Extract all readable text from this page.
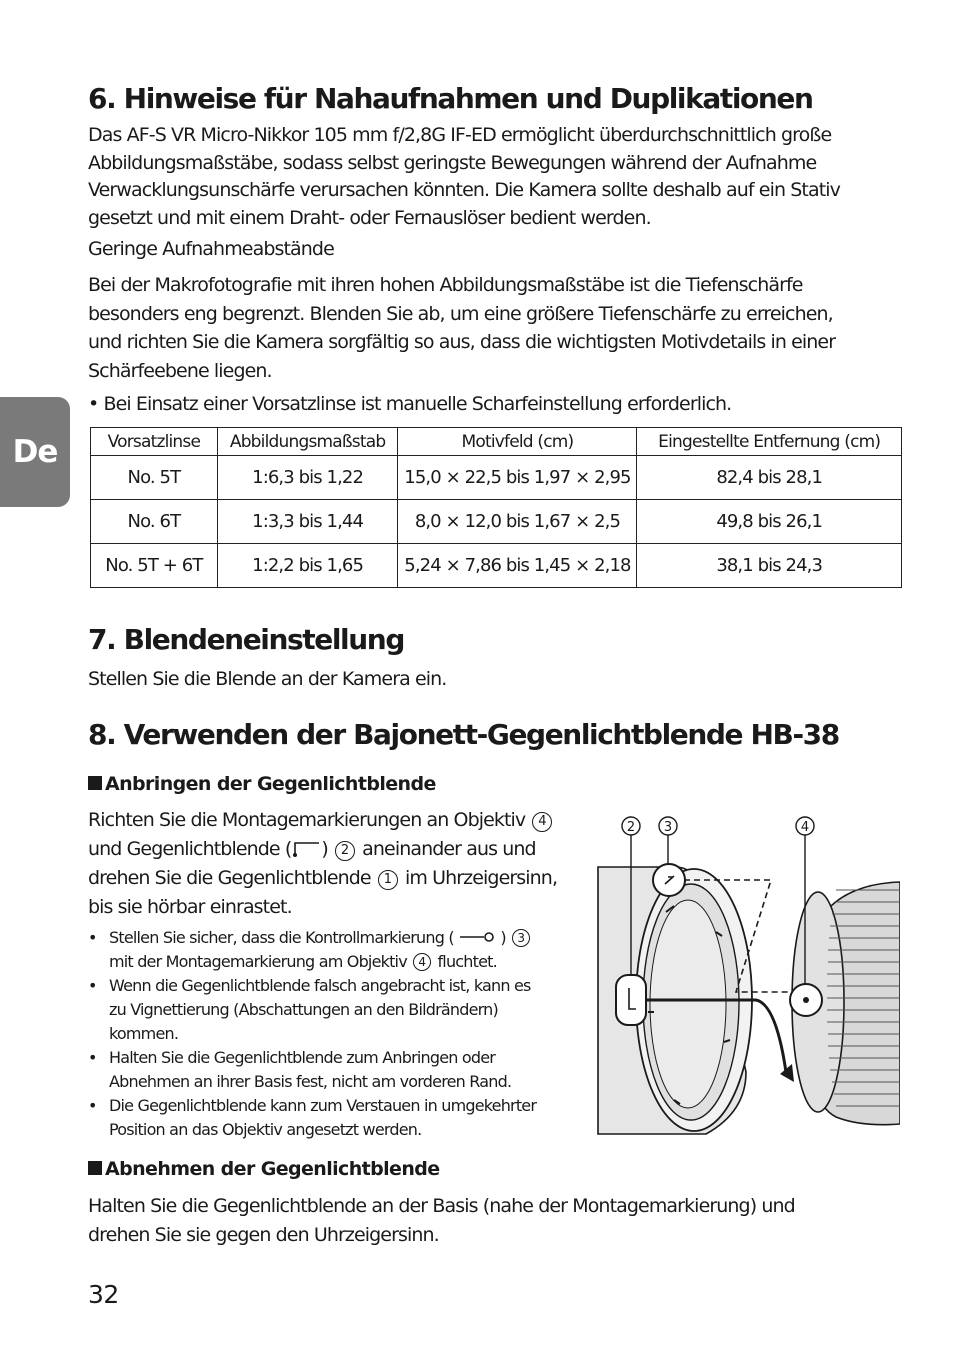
De
6. Hinweise für Nahaufnahmen und Duplikationen
Das AF-S VR Micro-Nikkor 105 mm f/2,8G IF-ED ermöglicht überdurchschnittlich große
Abbildungsmaßstäbe, sodass selbst geringste Bewegungen während der Aufnahme
Verwacklungsunschärfe verursachen könnten. Die Kamera sollte deshalb auf ein Stativ
gesetzt und mit einem Draht- oder Fernauslöser bedient werden.
Geringe Aufnahmeabstände
Bei der Makrofotografie mit ihren hohen Abbildungsmaßstäbe ist die Tiefenschärfe
besonders eng begrenzt. Blenden Sie ab, um eine größere Tiefenschärfe zu erreichen,
und richten Sie die Kamera sorgfältig so aus, dass die wichtigsten Motivdetails in einer
Schärfeebene liegen.
• Bei Einsatz einer Vorsatzlinse ist manuelle Scharfeinstellung erforderlich.
Vorsatzlinse	Abbildungsmaßstab	Motivfeld (cm)	Eingestellte Entfernung (cm)
No. 5T	1:6,3 bis 1,22	15,0 × 22,5 bis 1,97 × 2,95	82,4 bis 28,1
No. 6T	1:3,3 bis 1,44	8,0 × 12,0 bis 1,67 × 2,5	49,8 bis 26,1
No. 5T + 6T	1:2,2 bis 1,65	5,24 × 7,86 bis 1,45 × 2,18	38,1 bis 24,3
7. Blendeneinstellung
Stellen Sie die Blende an der Kamera ein.
8. Verwenden der Bajonett-Gegenlichtblende HB-38
Anbringen der Gegenlichtblende
Richten Sie die Montagemarkierungen an Objektiv 4
und Gegenlichtblende ( ) 2 aneinander aus und
drehen Sie die Gegenlichtblende 1 im Uhrzeigersinn,
bis sie hörbar einrastet.
• Stellen Sie sicher, dass die Kontrollmarkierung (	) 3
mit der Montagemarkierung am Objektiv 4 fluchtet.
• Wenn die Gegenlichtblende falsch angebracht ist, kann es
zu Vignettierung (Abschattungen an den Bildrändern)
kommen.
• Halten Sie die Gegenlichtblende zum Anbringen oder
Abnehmen an ihrer Basis fest, nicht am vorderen Rand.
• Die Gegenlichtblende kann zum Verstauen in umgekehrter
Position an das Objektiv angesetzt werden.
2 3	4
Abnehmen der Gegenlichtblende
Halten Sie die Gegenlichtblende an der Basis (nahe der Montagemarkierung) und
drehen Sie sie gegen den Uhrzeigersinn.
32
